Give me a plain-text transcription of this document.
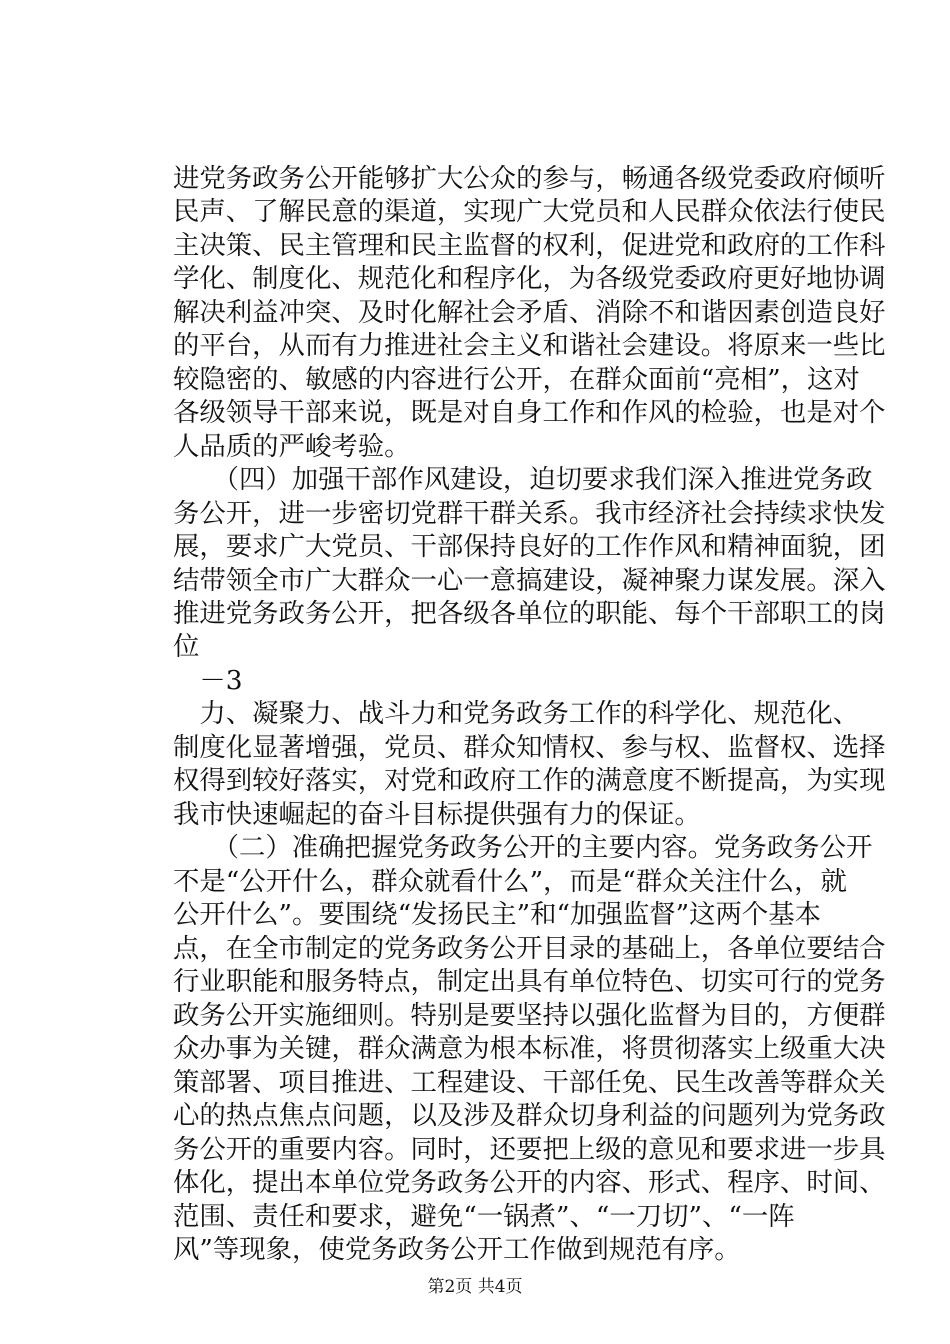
进党务政务公开能够扩大公众的参与，畅通各级党委政府倾听
民声、了解民意的渠道，实现广大党员和人民群众依法行使民
主决策、民主管理和民主监督的权利，促进党和政府的工作科
学化、制度化、规范化和程序化，为各级党委政府更好地协调
解决利益冲突、及时化解社会矛盾、消除不和谐因素创造良好
的平台，从而有力推进社会主义和谐社会建设。将原来一些比
较隐密的、敏感的内容进行公开，在群众面前“亮相”，这对
各级领导干部来说，既是对自身工作和作风的检验，也是对个
人品质的严峻考验。
　　（四）加强干部作风建设，迫切要求我们深入推进党务政
务公开，进一步密切党群干群关系。我市经济社会持续求快发
展，要求广大党员、干部保持良好的工作作风和精神面貌，团
结带领全市广大群众一心一意搞建设，凝神聚力谋发展。深入
推进党务政务公开，把各级各单位的职能、每个干部职工的岗
位
　－3
　力、凝聚力、战斗力和党务政务工作的科学化、规范化、
制度化显著增强，党员、群众知情权、参与权、监督权、选择
权得到较好落实，对党和政府工作的满意度不断提高，为实现
我市快速崛起的奋斗目标提供强有力的保证。
　　（二）准确把握党务政务公开的主要内容。党务政务公开
不是“公开什么，群众就看什么”，而是“群众关注什么，就
公开什么”。要围绕“发扬民主”和“加强监督”这两个基本
点，在全市制定的党务政务公开目录的基础上，各单位要结合
行业职能和服务特点，制定出具有单位特色、切实可行的党务
政务公开实施细则。特别是要坚持以强化监督为目的，方便群
众办事为关键，群众满意为根本标准，将贯彻落实上级重大决
策部署、项目推进、工程建设、干部任免、民生改善等群众关
心的热点焦点问题，以及涉及群众切身利益的问题列为党务政
务公开的重要内容。同时，还要把上级的意见和要求进一步具
体化，提出本单位党务政务公开的内容、形式、程序、时间、
范围、责任和要求，避免“一锅煮”、“一刀切”、“一阵
风”等现象，使党务政务公开工作做到规范有序。
第2页 共4页
